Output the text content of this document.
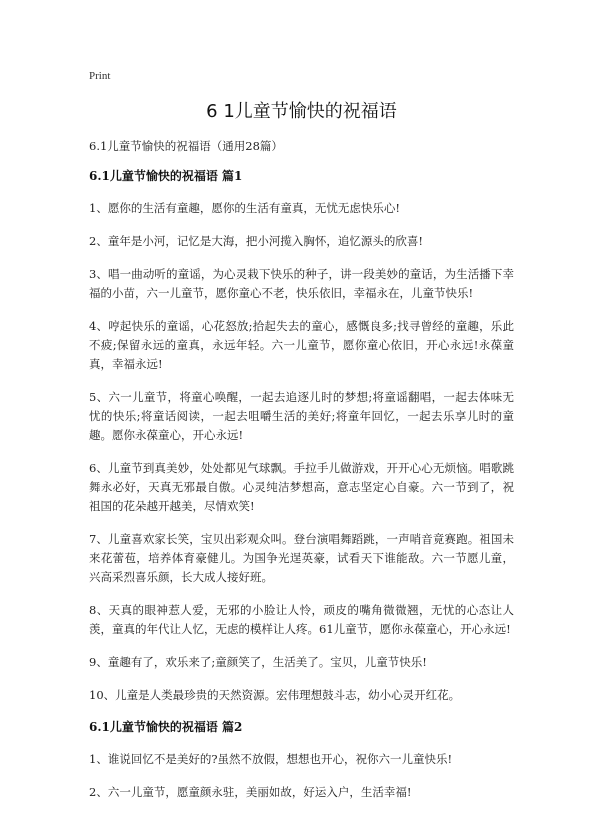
Print
6 1儿童节愉快的祝福语
6.1儿童节愉快的祝福语（通用28篇）
6.1儿童节愉快的祝福语 篇1

1、愿你的生活有童趣，愿你的生活有童真，无忧无虑快乐心!

2、童年是小河，记忆是大海，把小河揽入胸怀，追忆源头的欣喜!

3、唱一曲动听的童谣，为心灵栽下快乐的种子，讲一段美妙的童话，为生活播下幸福的小苗，六一儿童节，愿你童心不老，快乐依旧，幸福永在，儿童节快乐!

4、哼起快乐的童谣，心花怒放;拾起失去的童心，感慨良多;找寻曾经的童趣，乐此不疲;保留永远的童真，永远年轻。六一儿童节，愿你童心依旧，开心永远!永葆童真，幸福永远!

5、六一儿童节，将童心唤醒，一起去追逐儿时的梦想;将童谣翻唱，一起去体味无忧的快乐;将童话阅读，一起去咀嚼生活的美好;将童年回忆，一起去乐享儿时的童趣。愿你永葆童心，开心永远!

6、儿童节到真美妙，处处都见气球飘。手拉手儿做游戏，开开心心无烦恼。唱歌跳舞永必好，天真无邪最自傲。心灵纯洁梦想高，意志坚定心自豪。六一节到了，祝祖国的花朵越开越美，尽情欢笑!

7、儿童喜欢家长笑，宝贝出彩观众叫。登台演唱舞蹈跳，一声哨音竟赛跑。祖国未来花蕾苞，培养体育豪健儿。为国争光逞英豪，试看天下谁能敌。六一节愿儿童，兴高采烈喜乐颜，长大成人接好班。

8、天真的眼神惹人爱，无邪的小脸让人怜，顽皮的嘴角微微翘，无忧的心态让人羡，童真的年代让人忆，无虑的模样让人疼。61儿童节，愿你永葆童心，开心永远!

9、童趣有了，欢乐来了;童颜笑了，生活美了。宝贝，儿童节快乐!

10、儿童是人类最珍贵的天然资源。宏伟理想鼓斗志，幼小心灵开红花。

6.1儿童节愉快的祝福语 篇2

1、谁说回忆不是美好的?虽然不放假，想想也开心，祝你六一儿童快乐!

2、六一儿童节，愿童颜永驻，美丽如故，好运入户，生活幸福!
